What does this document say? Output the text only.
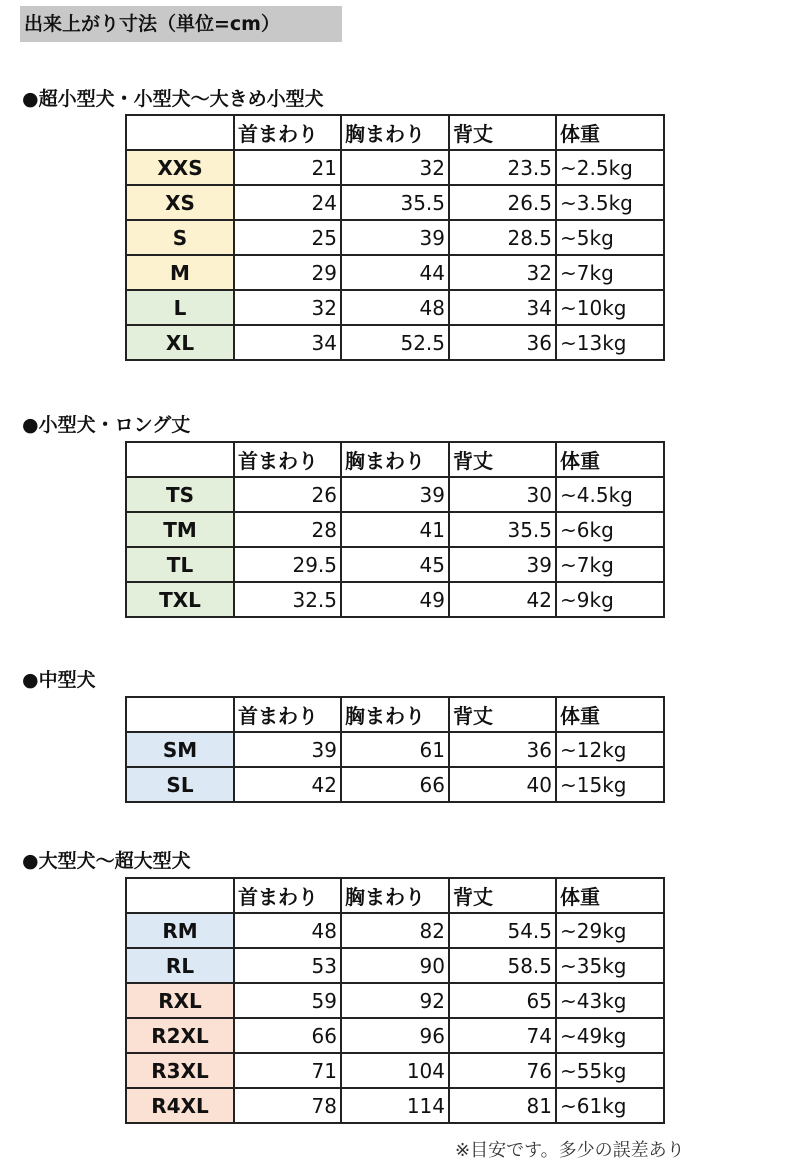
出来上がり寸法（単位=cm）
●超小型犬・小型犬～大きめ小型犬
	首まわり	胸まわり	背丈	体重
XXS	21	32	23.5	~2.5kg
XS	24	35.5	26.5	~3.5kg
S	25	39	28.5	~5kg
M	29	44	32	~7kg
L	32	48	34	~10kg
XL	34	52.5	36	~13kg
●小型犬・ロング丈
	首まわり	胸まわり	背丈	体重
TS	26	39	30	~4.5kg
TM	28	41	35.5	~6kg
TL	29.5	45	39	~7kg
TXL	32.5	49	42	~9kg
●中型犬
	首まわり	胸まわり	背丈	体重
SM	39	61	36	~12kg
SL	42	66	40	~15kg
●大型犬～超大型犬
	首まわり	胸まわり	背丈	体重
RM	48	82	54.5	~29kg
RL	53	90	58.5	~35kg
RXL	59	92	65	~43kg
R2XL	66	96	74	~49kg
R3XL	71	104	76	~55kg
R4XL	78	114	81	~61kg
※目安です。多少の誤差あり
